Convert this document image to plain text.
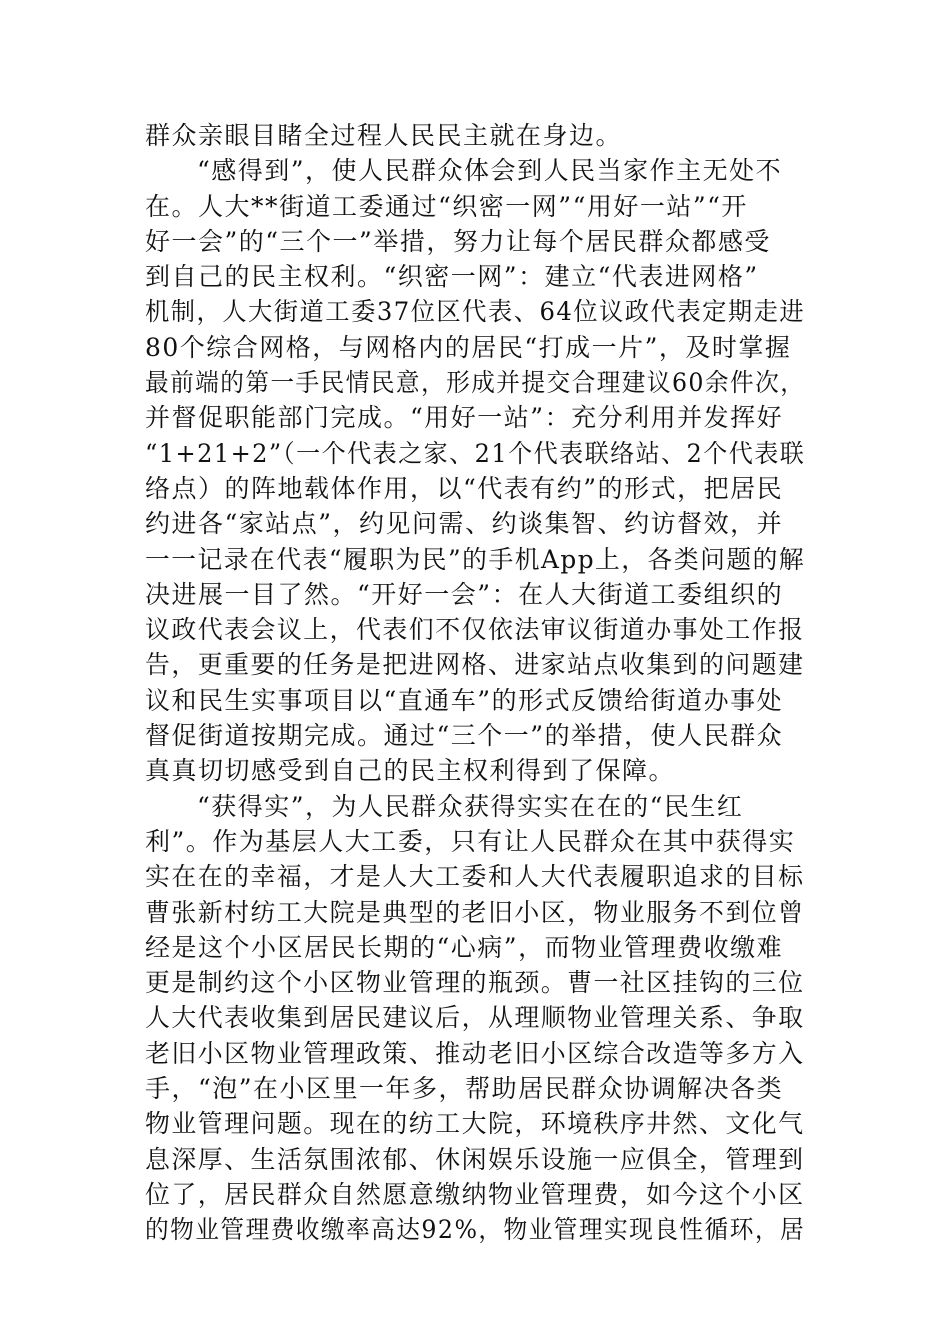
群众亲眼目睹全过程人民民主就在身边。
“感得到”，使人民群众体会到人民当家作主无处不
在。人大**街道工委通过“织密一网”“用好一站”“开
好一会”的“三个一”举措，努力让每个居民群众都感受
到自己的民主权利。“织密一网”：建立“代表进网格”
机制，人大街道工委37位区代表、64位议政代表定期走进
80个综合网格，与网格内的居民“打成一片”，及时掌握
最前端的第一手民情民意，形成并提交合理建议60余件次，
并督促职能部门完成。“用好一站”：充分利用并发挥好
“1+21+2”（一个代表之家、21个代表联络站、2个代表联
络点）的阵地载体作用，以“代表有约”的形式，把居民
约进各“家站点”，约见问需、约谈集智、约访督效，并
一一记录在代表“履职为民”的手机App上，各类问题的解
决进展一目了然。“开好一会”：在人大街道工委组织的
议政代表会议上，代表们不仅依法审议街道办事处工作报
告，更重要的任务是把进网格、进家站点收集到的问题建
议和民生实事项目以“直通车”的形式反馈给街道办事处
督促街道按期完成。通过“三个一”的举措，使人民群众
真真切切感受到自己的民主权利得到了保障。
“获得实”，为人民群众获得实实在在的“民生红
利”。作为基层人大工委，只有让人民群众在其中获得实
实在在的幸福，才是人大工委和人大代表履职追求的目标
曹张新村纺工大院是典型的老旧小区，物业服务不到位曾
经是这个小区居民长期的“心病”，而物业管理费收缴难
更是制约这个小区物业管理的瓶颈。曹一社区挂钩的三位
人大代表收集到居民建议后，从理顺物业管理关系、争取
老旧小区物业管理政策、推动老旧小区综合改造等多方入
手，“泡”在小区里一年多，帮助居民群众协调解决各类
物业管理问题。现在的纺工大院，环境秩序井然、文化气
息深厚、生活氛围浓郁、休闲娱乐设施一应俱全，管理到
位了，居民群众自然愿意缴纳物业管理费，如今这个小区
的物业管理费收缴率高达92%，物业管理实现良性循环，居
